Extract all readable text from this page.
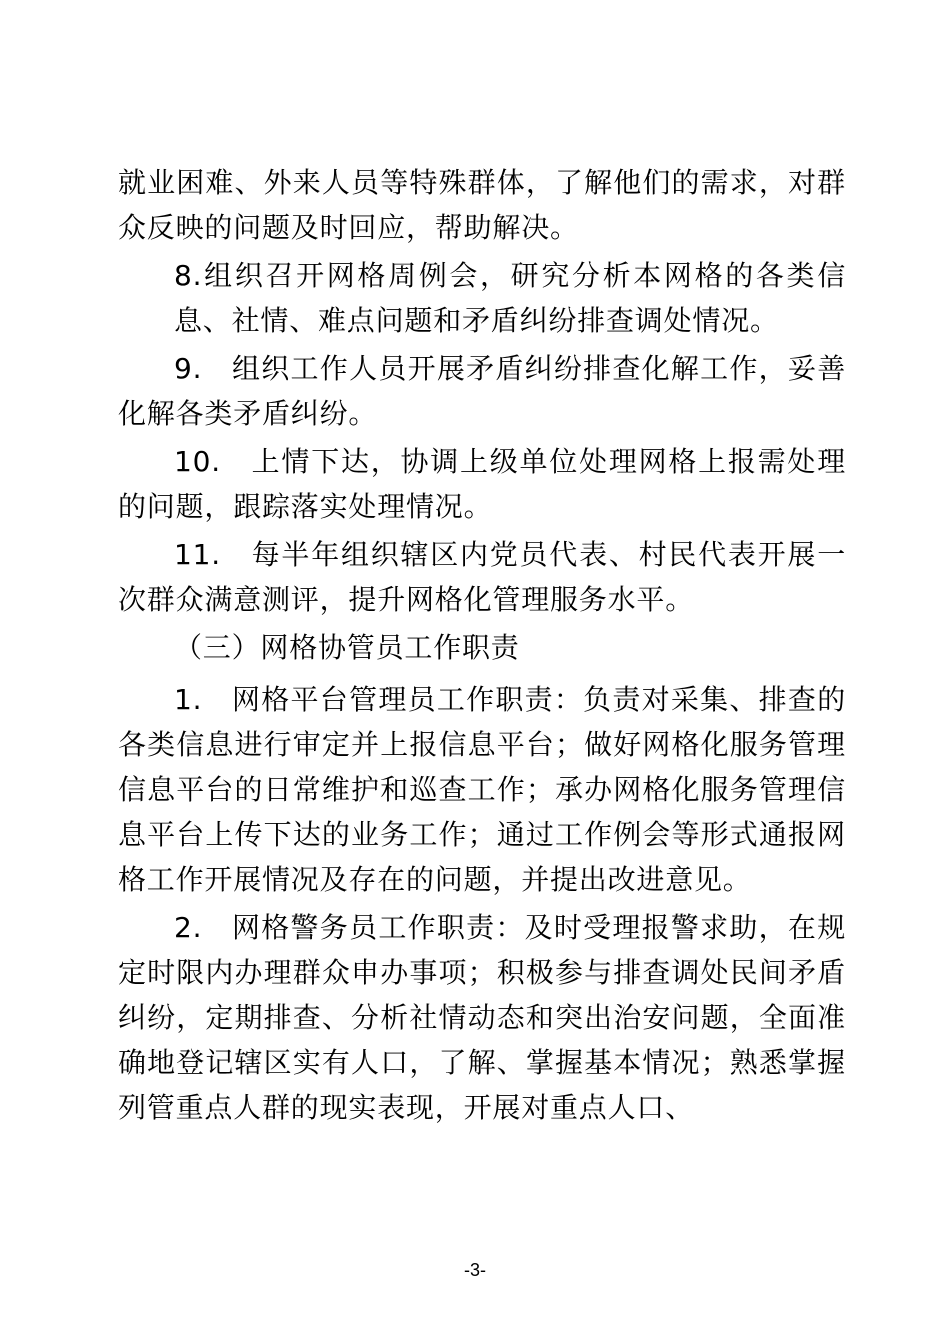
就业困难、外来人员等特殊群体，了解他们的需求，对群众反映的问题及时回应，帮助解决。

8.组织召开网格周例会，研究分析本网格的各类信息、社情、难点问题和矛盾纠纷排查调处情况。

9.　组织工作人员开展矛盾纠纷排查化解工作，妥善化解各类矛盾纠纷。

10.　上情下达，协调上级单位处理网格上报需处理的问题，跟踪落实处理情况。

11.　每半年组织辖区内党员代表、村民代表开展一次群众满意测评，提升网格化管理服务水平。

（三）网格协管员工作职责

1.　网格平台管理员工作职责：负责对采集、排查的各类信息进行审定并上报信息平台；做好网格化服务管理信息平台的日常维护和巡查工作；承办网格化服务管理信息平台上传下达的业务工作；通过工作例会等形式通报网格工作开展情况及存在的问题，并提出改进意见。

2.　网格警务员工作职责：及时受理报警求助，在规定时限内办理群众申办事项；积极参与排查调处民间矛盾纠纷，定期排查、分析社情动态和突出治安问题，全面准确地登记辖区实有人口，了解、掌握基本情况；熟悉掌握列管重点人群的现实表现，开展对重点人口、

-3-
